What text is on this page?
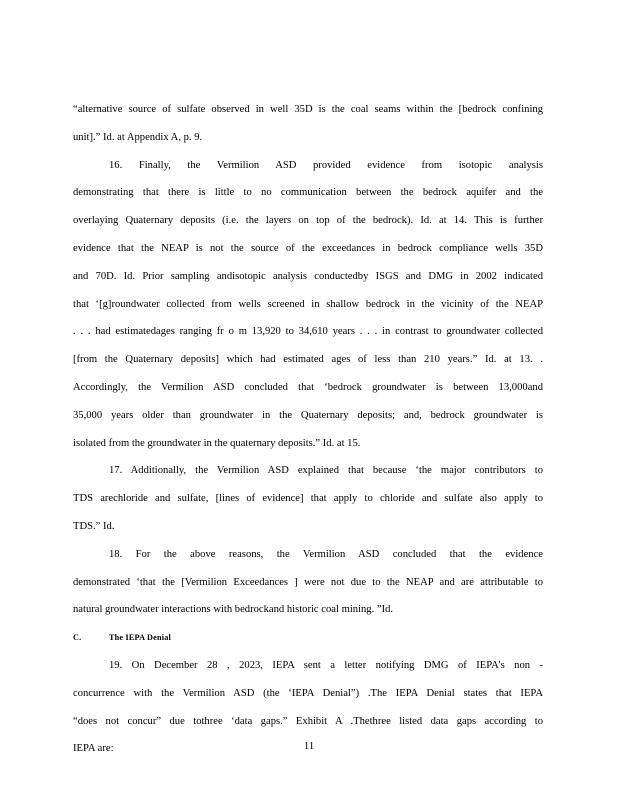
“alternative source of sulfate observed in well 35D is the coal seams within the [bedrock confining
unit].” Id. at Appendix A, p. 9.
16. Finally, the Vermilion ASD provided evidence from isotopic analysis
demonstrating that there is little to no communication between the bedrock aquifer and the
overlaying Quaternary deposits (i.e. the layers on top of the bedrock). Id. at 14. This is further
evidence that the NEAP is not the source of the exceedances in bedrock compliance wells 35D
and 70D. Id. Prior sampling andisotopic analysis conductedby ISGS and DMG in 2002 indicated
that ‘[g]roundwater collected from wells screened in shallow bedrock in the vicinity of the NEAP
. . . had estimatedages ranging fr o m 13,920 to 34,610 years . . . in contrast to groundwater collected
[from the Quaternary deposits] which had estimated ages of less than 210 years.” Id. at 13. .
Accordingly, the Vermilion ASD concluded that ‘bedrock groundwater is between 13,000and
35,000 years older than groundwater in the Quaternary deposits; and, bedrock groundwater is
isolated from the groundwater in the quaternary deposits.” Id. at 15.
17. Additionally, the Vermilion ASD explained that because ‘the major contributors to
TDS arechloride and sulfate, [lines of evidence] that apply to chloride and sulfate also apply to
TDS.” Id.
18. For the above reasons, the Vermilion ASD concluded that the evidence
demonstrated ‘that the [Vermilion Exceedances ] were not due to the NEAP and are attributable to
natural groundwater interactions with bedrockand historic coal mining. ”Id.
C.	The IEPA Denial
19. On December 28 , 2023, IEPA sent a letter notifying DMG of IEPA’s non -
concurrence with the Vermilion ASD (the ‘IEPA Denial”) .The IEPA Denial states that IEPA
“does not concur” due tothree ‘data gaps.” Exhibit A .Thethree listed data gaps according to
IEPA are:	11
